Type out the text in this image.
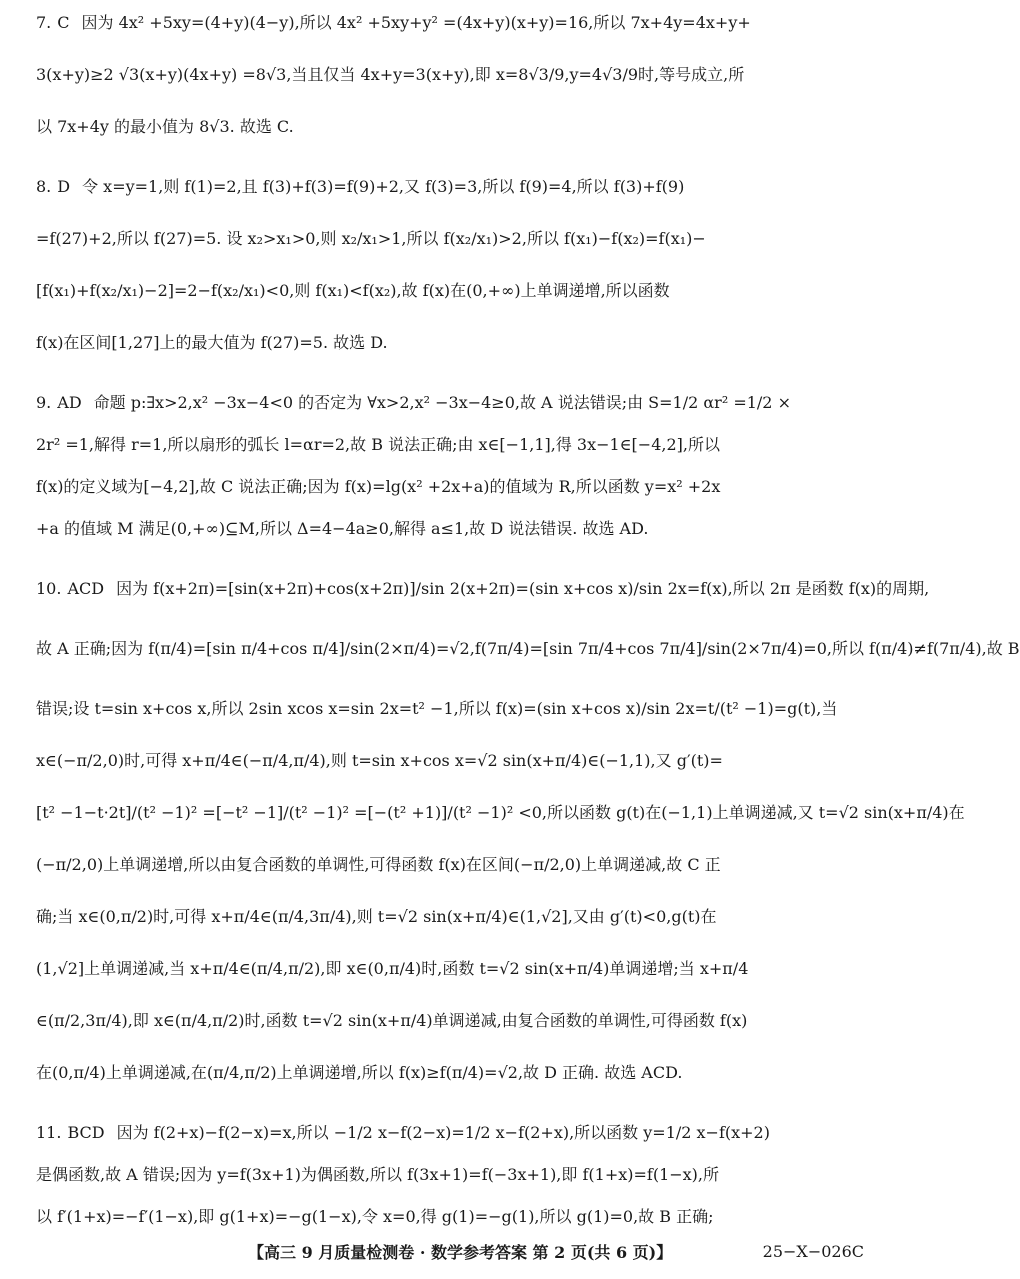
7. C 因为 4x² +5xy=(4+y)(4−y),所以 4x² +5xy+y² =(4x+y)(x+y)=16,所以 7x+4y=4x+y+
3(x+y)≥2 √3(x+y)(4x+y) =8√3,当且仅当 4x+y=3(x+y),即 x=8√3/9,y=4√3/9时,等号成立,所
以 7x+4y 的最小值为 8√3. 故选 C.
8. D 令 x=y=1,则 f(1)=2,且 f(3)+f(3)=f(9)+2,又 f(3)=3,所以 f(9)=4,所以 f(3)+f(9)
=f(27)+2,所以 f(27)=5. 设 x₂>x₁>0,则 x₂/x₁>1,所以 f(x₂/x₁)>2,所以 f(x₁)−f(x₂)=f(x₁)−
[f(x₁)+f(x₂/x₁)−2]=2−f(x₂/x₁)<0,则 f(x₁)<f(x₂),故 f(x)在(0,+∞)上单调递增,所以函数
f(x)在区间[1,27]上的最大值为 f(27)=5. 故选 D.
9. AD 命题 p:∃x>2,x² −3x−4<0 的否定为 ∀x>2,x² −3x−4≥0,故 A 说法错误;由 S=1/2 αr² =1/2 ×
2r² =1,解得 r=1,所以扇形的弧长 l=αr=2,故 B 说法正确;由 x∈[−1,1],得 3x−1∈[−4,2],所以
f(x)的定义域为[−4,2],故 C 说法正确;因为 f(x)=lg(x² +2x+a)的值域为 R,所以函数 y=x² +2x
+a 的值域 M 满足(0,+∞)⊆M,所以 Δ=4−4a≥0,解得 a≤1,故 D 说法错误. 故选 AD.
10. ACD 因为 f(x+2π)=[sin(x+2π)+cos(x+2π)]/sin 2(x+2π)=(sin x+cos x)/sin 2x=f(x),所以 2π 是函数 f(x)的周期,
故 A 正确;因为 f(π/4)=[sin π/4+cos π/4]/sin(2×π/4)=√2,f(7π/4)=[sin 7π/4+cos 7π/4]/sin(2×7π/4)=0,所以 f(π/4)≠f(7π/4),故 B
错误;设 t=sin x+cos x,所以 2sin xcos x=sin 2x=t² −1,所以 f(x)=(sin x+cos x)/sin 2x=t/(t² −1)=g(t),当
x∈(−π/2,0)时,可得 x+π/4∈(−π/4,π/4),则 t=sin x+cos x=√2 sin(x+π/4)∈(−1,1),又 g′(t)=
[t² −1−t·2t]/(t² −1)² =[−t² −1]/(t² −1)² =[−(t² +1)]/(t² −1)² <0,所以函数 g(t)在(−1,1)上单调递减,又 t=√2 sin(x+π/4)在
(−π/2,0)上单调递增,所以由复合函数的单调性,可得函数 f(x)在区间(−π/2,0)上单调递减,故 C 正
确;当 x∈(0,π/2)时,可得 x+π/4∈(π/4,3π/4),则 t=√2 sin(x+π/4)∈(1,√2],又由 g′(t)<0,g(t)在
(1,√2]上单调递减,当 x+π/4∈(π/4,π/2),即 x∈(0,π/4)时,函数 t=√2 sin(x+π/4)单调递增;当 x+π/4
∈(π/2,3π/4),即 x∈(π/4,π/2)时,函数 t=√2 sin(x+π/4)单调递减,由复合函数的单调性,可得函数 f(x)
在(0,π/4)上单调递减,在(π/4,π/2)上单调递增,所以 f(x)≥f(π/4)=√2,故 D 正确. 故选 ACD.
11. BCD 因为 f(2+x)−f(2−x)=x,所以 −1/2 x−f(2−x)=1/2 x−f(2+x),所以函数 y=1/2 x−f(x+2)
是偶函数,故 A 错误;因为 y=f(3x+1)为偶函数,所以 f(3x+1)=f(−3x+1),即 f(1+x)=f(1−x),所
以 f′(1+x)=−f′(1−x),即 g(1+x)=−g(1−x),令 x=0,得 g(1)=−g(1),所以 g(1)=0,故 B 正确;
【高三 9 月质量检测卷 · 数学参考答案 第 2 页(共 6 页)】	25−X−026C
